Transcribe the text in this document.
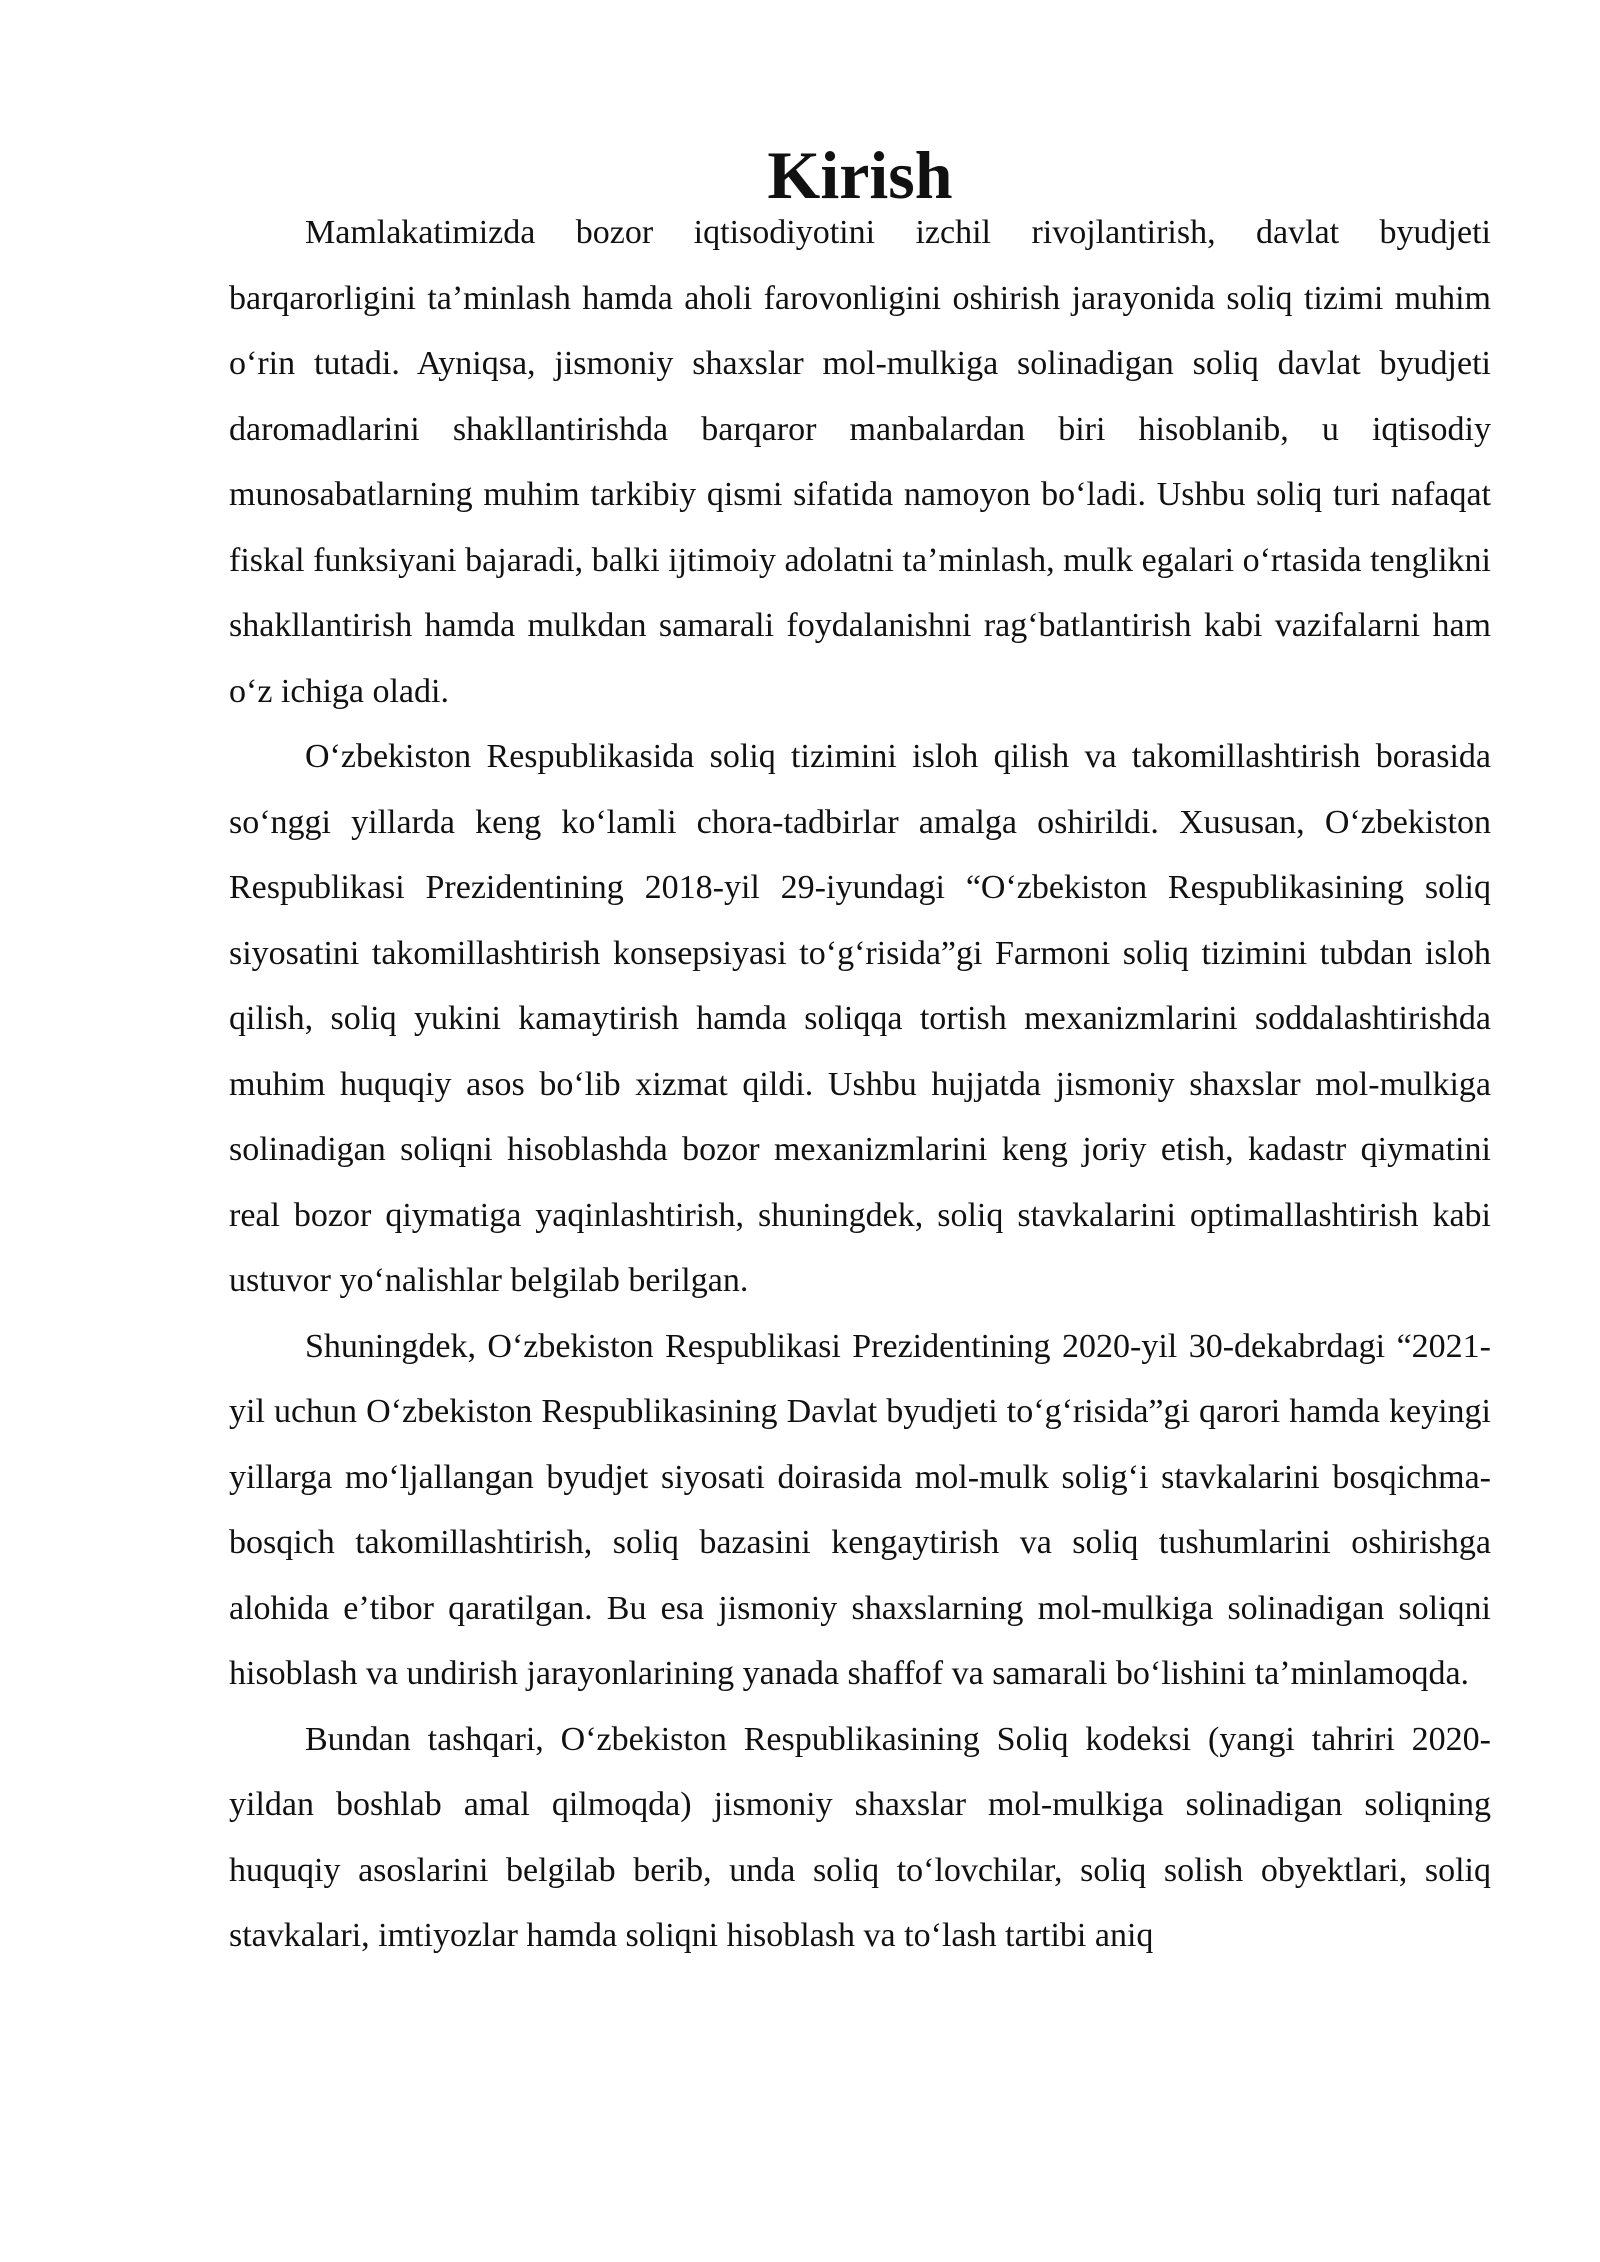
Kirish

Mamlakatimizda bozor iqtisodiyotini izchil rivojlantirish, davlat byudjeti barqarorligini taʼminlash hamda aholi farovonligini oshirish jarayonida soliq tizimi muhim oʻrin tutadi. Ayniqsa, jismoniy shaxslar mol-mulkiga solinadigan soliq davlat byudjeti daromadlarini shakllantirishda barqaror manbalardan biri hisoblanib, u iqtisodiy munosabatlarning muhim tarkibiy qismi sifatida namoyon boʻladi. Ushbu soliq turi nafaqat fiskal funksiyani bajaradi, balki ijtimoiy adolatni taʼminlash, mulk egalari oʻrtasida tenglikni shakllantirish hamda mulkdan samarali foydalanishni ragʻbatlantirish kabi vazifalarni ham oʻz ichiga oladi.

Oʻzbekiston Respublikasida soliq tizimini isloh qilish va takomillashtirish borasida soʻnggi yillarda keng koʻlamli chora-tadbirlar amalga oshirildi. Xususan, Oʻzbekiston Respublikasi Prezidentining 2018-yil 29-iyundagi “Oʻzbekiston Respublikasining soliq siyosatini takomillashtirish konsepsiyasi toʻgʻrisida”gi Farmoni soliq tizimini tubdan isloh qilish, soliq yukini kamaytirish hamda soliqqa tortish mexanizmlarini soddalashtirishda muhim huquqiy asos boʻlib xizmat qildi. Ushbu hujjatda jismoniy shaxslar mol-mulkiga solinadigan soliqni hisoblashda bozor mexanizmlarini keng joriy etish, kadastr qiymatini real bozor qiymatiga yaqinlashtirish, shuningdek, soliq stavkalarini optimallashtirish kabi ustuvor yoʻnalishlar belgilab berilgan.

Shuningdek, Oʻzbekiston Respublikasi Prezidentining 2020-yil 30-dekabrdagi “2021-yil uchun Oʻzbekiston Respublikasining Davlat byudjeti toʻgʻrisida”gi qarori hamda keyingi yillarga moʻljallangan byudjet siyosati doirasida mol-mulk soligʻi stavkalarini bosqichma-bosqich takomillashtirish, soliq bazasini kengaytirish va soliq tushumlarini oshirishga alohida eʼtibor qaratilgan. Bu esa jismoniy shaxslarning mol-mulkiga solinadigan soliqni hisoblash va undirish jarayonlarining yanada shaffof va samarali boʻlishini taʼminlamoqda.

Bundan tashqari, Oʻzbekiston Respublikasining Soliq kodeksi (yangi tahriri 2020-yildan boshlab amal qilmoqda) jismoniy shaxslar mol-mulkiga solinadigan soliqning huquqiy asoslarini belgilab berib, unda soliq toʻlovchilar, soliq solish obyektlari, soliq stavkalari, imtiyozlar hamda soliqni hisoblash va toʻlash tartibi aniq
